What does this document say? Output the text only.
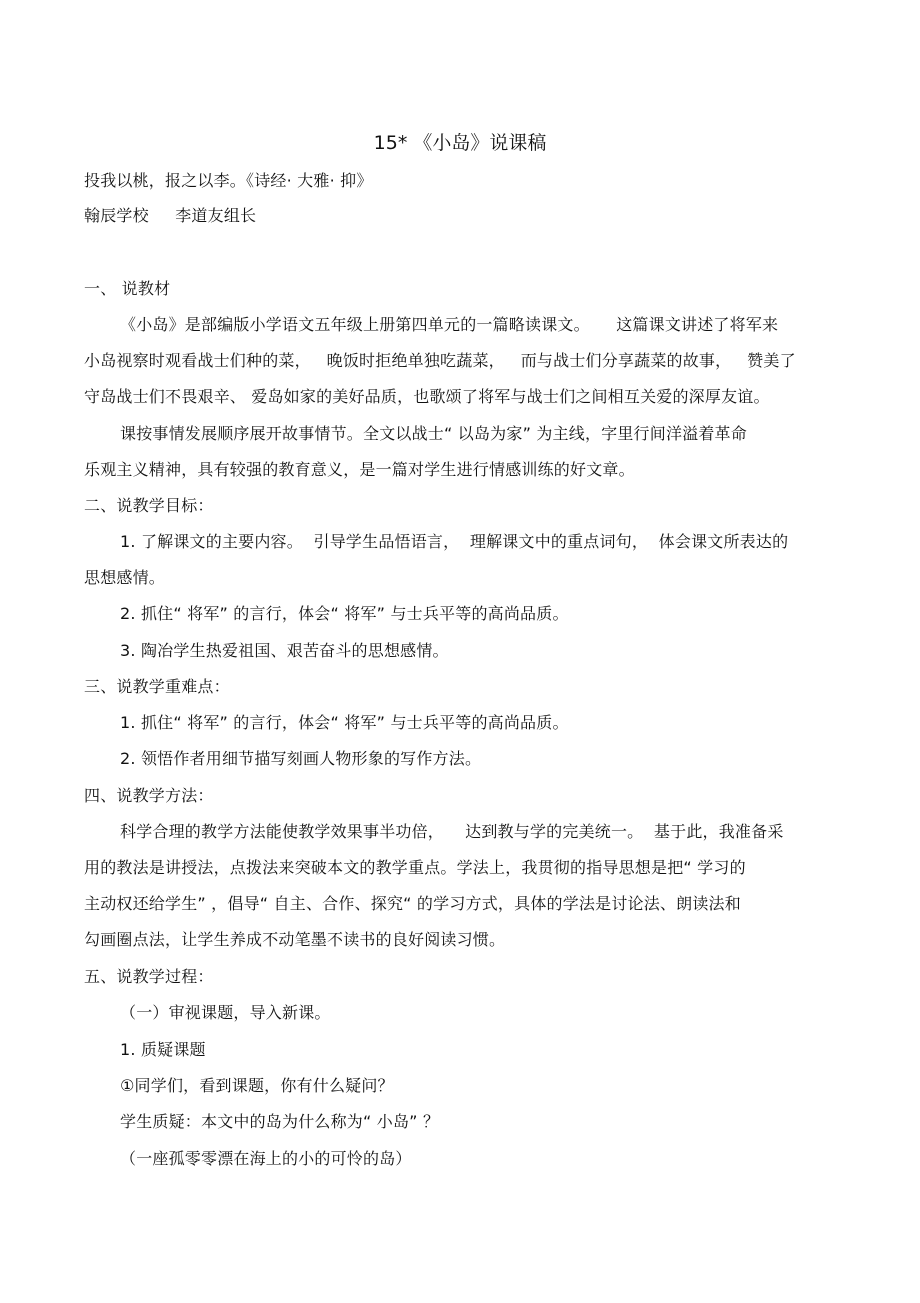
15* 《小岛》说课稿
投我以桃，报之以李。《诗经· 大雅· 抑》
翰辰学校     李道友组长
一、 说教材
《小岛》是部编版小学语文五年级上册第四单元的一篇略读课文。     这篇课文讲述了将军来
小岛视察时观看战士们种的菜，   晚饭时拒绝单独吃蔬菜，   而与战士们分享蔬菜的故事，   赞美了
守岛战士们不畏艰辛、 爱岛如家的美好品质，也歌颂了将军与战士们之间相互关爱的深厚友谊。
课按事情发展顺序展开故事情节。全文以战士“ 以岛为家” 为主线，字里行间洋溢着革命
乐观主义精神，具有较强的教育意义，是一篇对学生进行情感训练的好文章。
二、说教学目标：
1. 了解课文的主要内容。  引导学生品悟语言，  理解课文中的重点词句，  体会课文所表达的
思想感情。
2. 抓住“ 将军” 的言行，体会“ 将军” 与士兵平等的高尚品质。
3. 陶冶学生热爱祖国、艰苦奋斗的思想感情。
三、说教学重难点：
1. 抓住“ 将军” 的言行，体会“ 将军” 与士兵平等的高尚品质。
2. 领悟作者用细节描写刻画人物形象的写作方法。
四、说教学方法：
科学合理的教学方法能使教学效果事半功倍，    达到教与学的完美统一。  基于此，我准备采
用的教法是讲授法，点拨法来突破本文的教学重点。学法上，我贯彻的指导思想是把“ 学习的
主动权还给学生” ，倡导“ 自主、合作、探究“ 的学习方式，具体的学法是讨论法、朗读法和
勾画圈点法，让学生养成不动笔墨不读书的良好阅读习惯。
五、说教学过程：
（一）审视课题，导入新课。
1. 质疑课题
①同学们，看到课题，你有什么疑问？
学生质疑：本文中的岛为什么称为“ 小岛” ？
（一座孤零零漂在海上的小的可怜的岛）
